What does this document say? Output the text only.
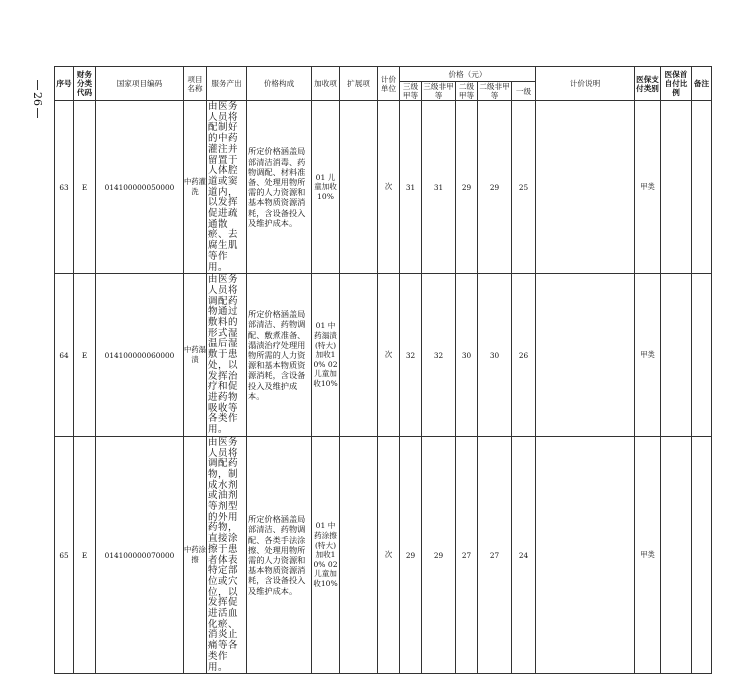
26
序号	财务分类代码	国家项目编码	项目名称	服务产出	价格构成	加收项	扩展项	计价单位	价格（元）					计价说明	医保支付类别	医保首自付比例	备注
									三级甲等	三级非甲等	二级甲等	二级非甲等	一级				
63	E	014100000050000	中药灌洗	由医务人员将配制好的中药灌注并留置于人体腔道或窦道内，以发挥促进疏通散瘀、去腐生肌等作用。	所定价格涵盖局部清洁消毒、药物调配、材料准备、处理用物所需的人力资源和基本物质资源消耗，含设备投入及维护成本。	01 儿童加收10%		次	31	31	29	29	25		甲类		
64	E	014100000060000	中药溻渍	由医务人员将调配药物通过敷料的形式湿温后湿敷于患处，以发挥治疗和促进药物吸收等各类作用。	所定价格涵盖局部清洁、药物调配、敷煮准备、溻渍治疗处理用物所需的人力资源和基本物质资源消耗，含设备投入及维护成本。	01 中药溻渍(特大)加收10% 02 儿童加收10%		次	32	32	30	30	26		甲类		
65	E	014100000070000	中药涂擦	由医务人员将调配药物，制成水剂或油剂等剂型的外用药物，直接涂擦于患者体表特定部位或穴位，以发挥促进活血化瘀、消炎止痛等各类作用。	所定价格涵盖局部清洁、药物调配、各类手法涂擦、处理用物所需的人力资源和基本物质资源消耗，含设备投入及维护成本。	01 中药涂擦(特大)加收10% 02 儿童加收10%		次	29	29	27	27	24		甲类		
